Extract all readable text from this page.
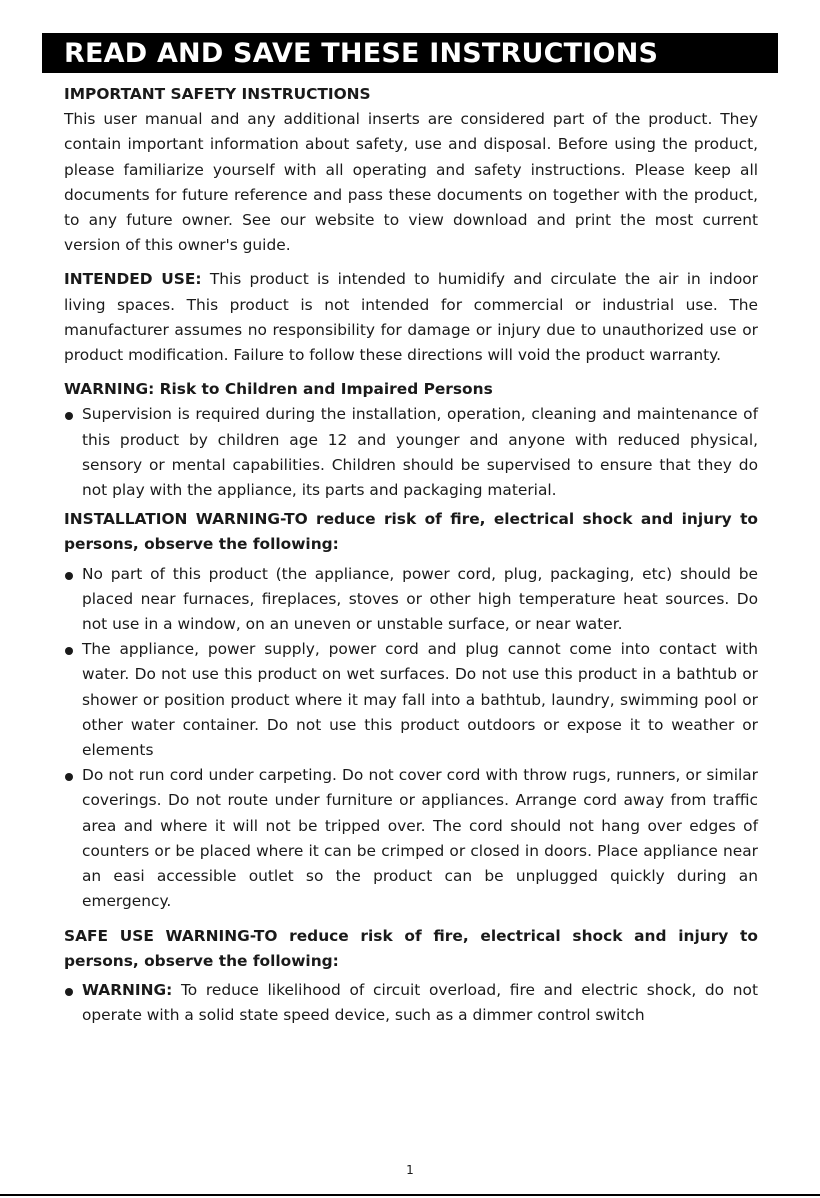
READ AND SAVE THESE INSTRUCTIONS

IMPORTANT SAFETY INSTRUCTIONS

This user manual and any additional inserts are considered part of the product. They contain important information about safety, use and disposal. Before using the product, please familiarize yourself with all operating and safety instructions. Please keep all documents for future reference and pass these documents on together with the product, to any future owner. See our website to view download and print the most current version of this owner's guide.

INTENDED USE: This product is intended to humidify and circulate the air in indoor living spaces. This product is not intended for commercial or industrial use. The manufacturer assumes no responsibility for damage or injury due to unauthorized use or product modification. Failure to follow these directions will void the product warranty.

WARNING: Risk to Children and Impaired Persons

Supervision is required during the installation, operation, cleaning and maintenance of this product by children age 12 and younger and anyone with reduced physical, sensory or mental capabilities. Children should be supervised to ensure that they do not play with the appliance, its parts and packaging material.

INSTALLATION WARNING-TO reduce risk of fire, electrical shock and injury to persons, observe the following:

No part of this product (the appliance, power cord, plug, packaging, etc) should be placed near furnaces, fireplaces, stoves or other high temperature heat sources. Do not use in a window, on an uneven or unstable surface, or near water.
The appliance, power supply, power cord and plug cannot come into contact with water. Do not use this product on wet surfaces. Do not use this product in a bathtub or shower or position product where it may fall into a bathtub, laundry, swimming pool or other water container. Do not use this product outdoors or expose it to weather or elements
Do not run cord under carpeting. Do not cover cord with throw rugs, runners, or similar coverings. Do not route under furniture or appliances. Arrange cord away from traffic area and where it will not be tripped over. The cord should not hang over edges of counters or be placed where it can be crimped or closed in doors. Place appliance near an easi accessible outlet so the product can be unplugged quickly during an emergency.

SAFE USE WARNING-TO reduce risk of fire, electrical shock and injury to persons, observe the following:

WARNING: To reduce likelihood of circuit overload, fire and electric shock, do not operate with a solid state speed device, such as a dimmer control switch
1
